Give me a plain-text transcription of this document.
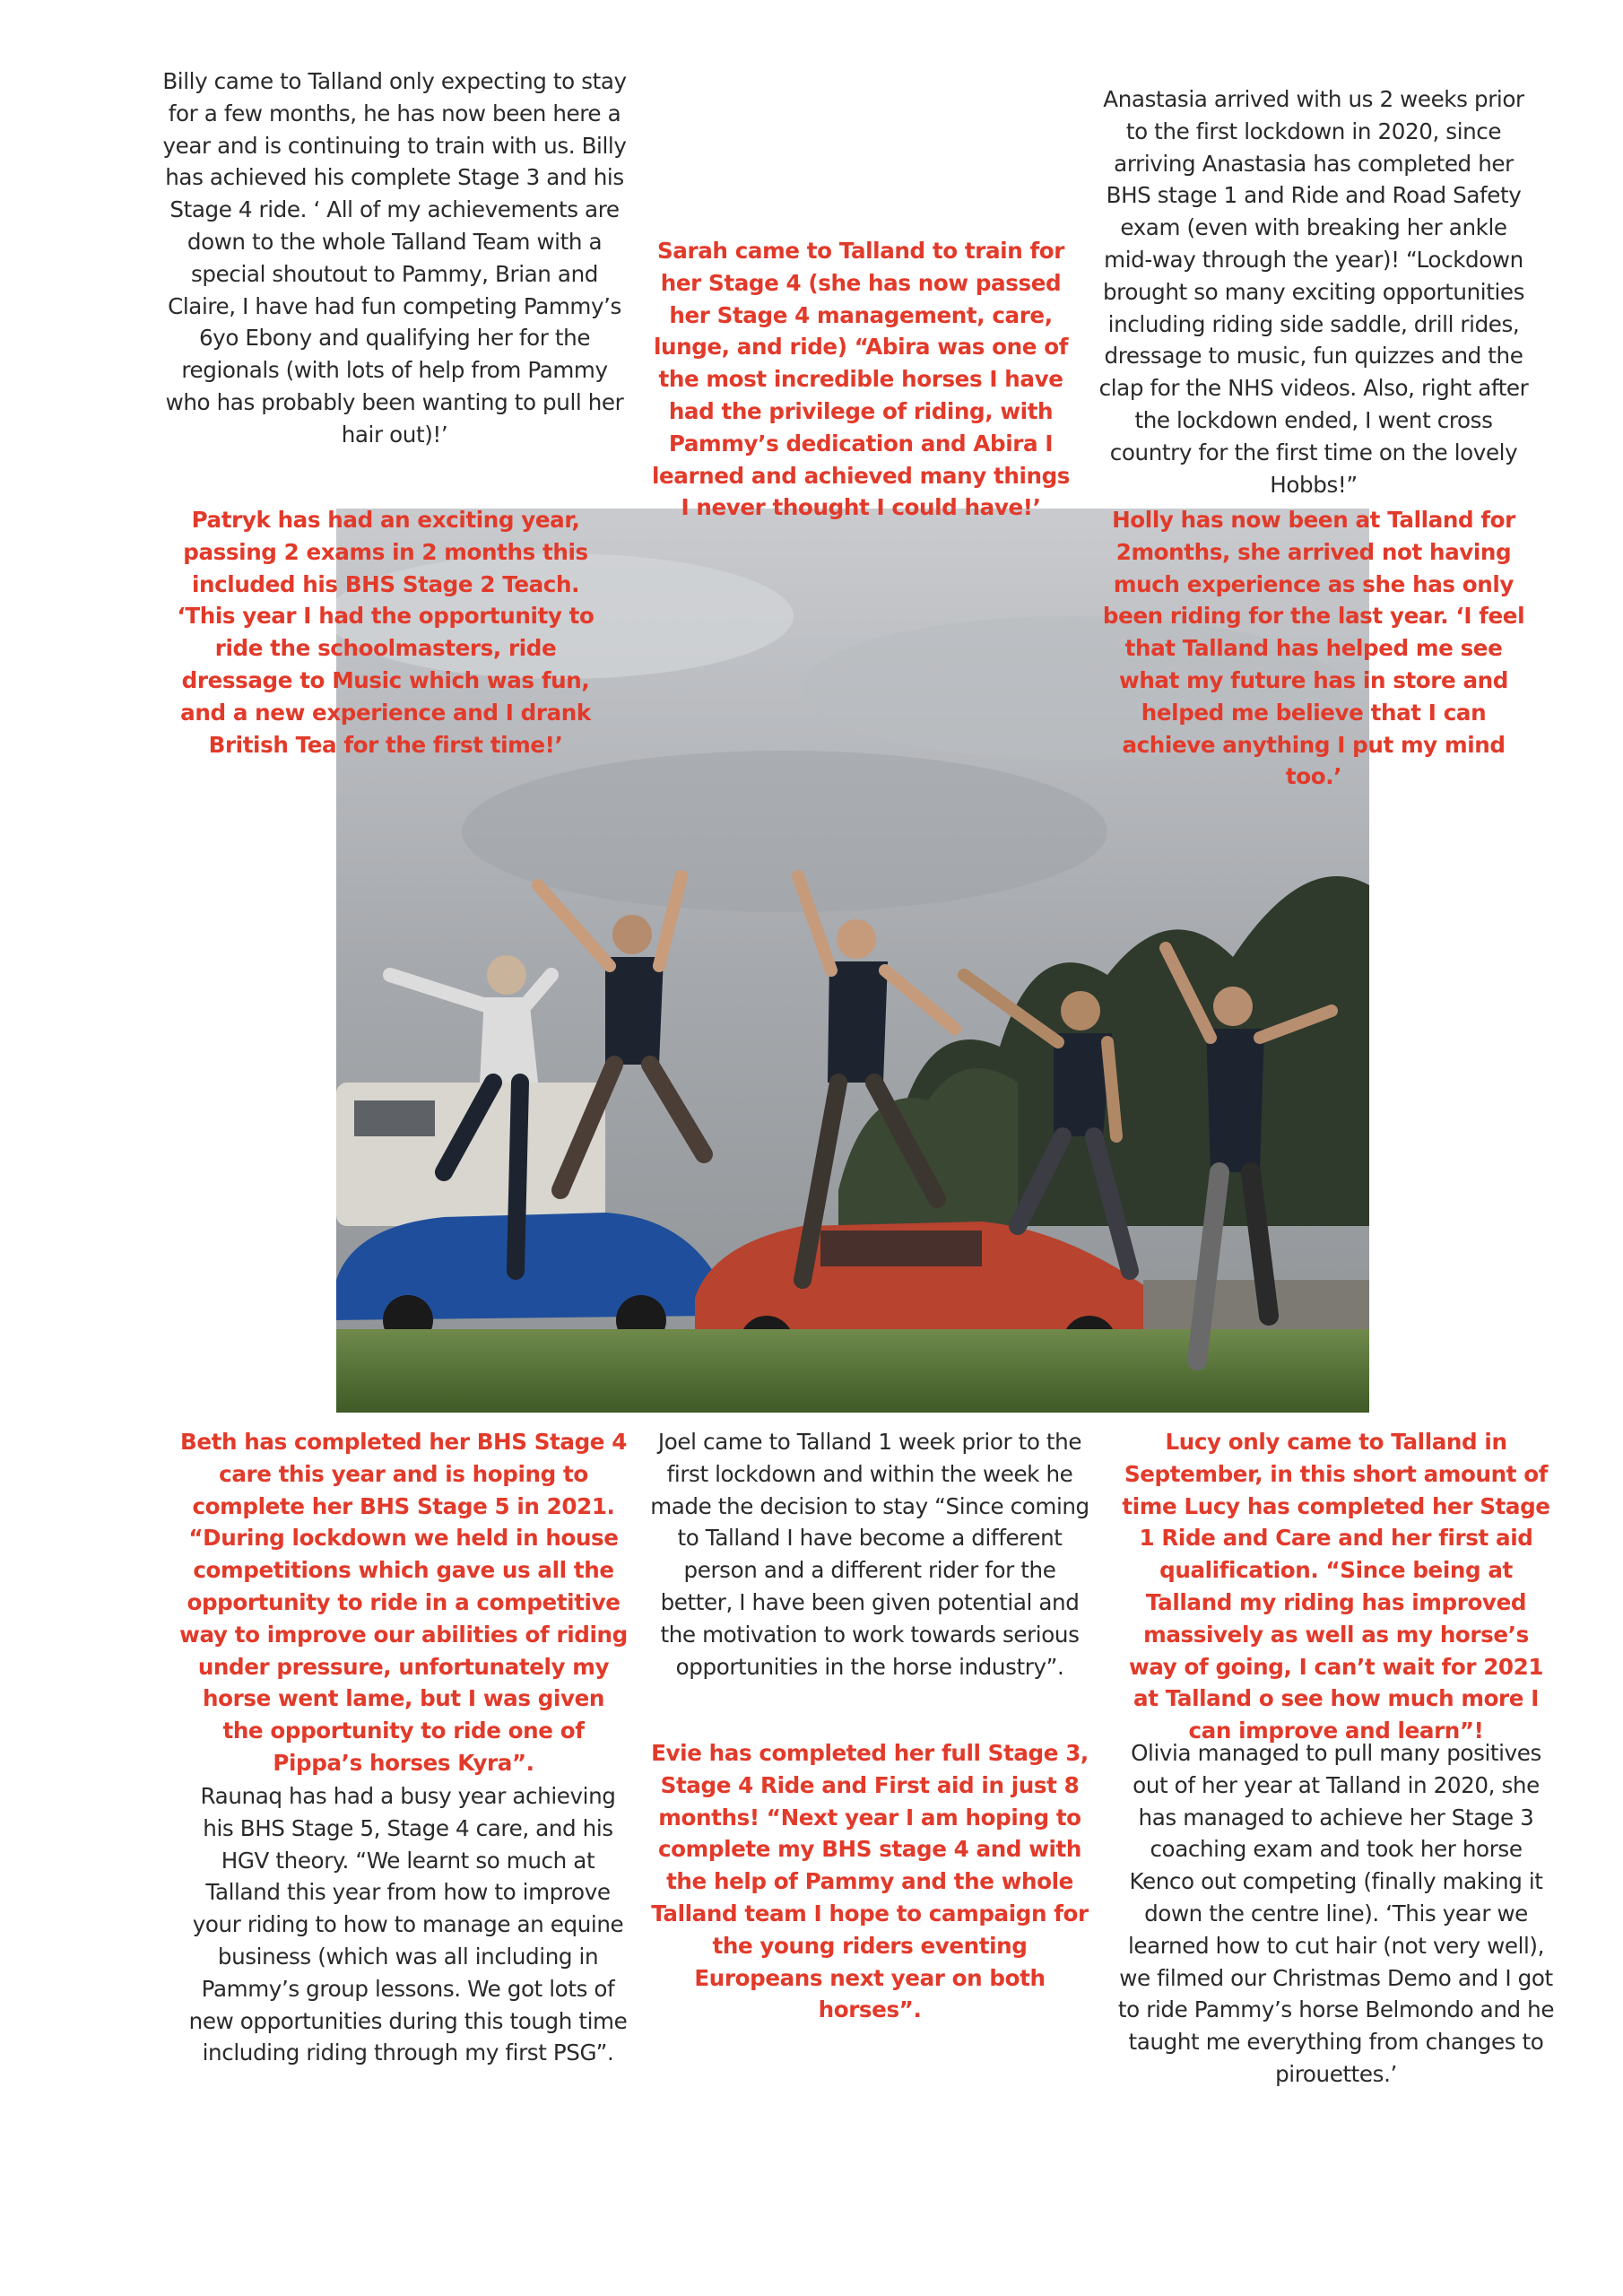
Billy came to Talland only expecting to stay for a few months, he has now been here a year and is continuing to train with us. Billy has achieved his complete Stage 3 and his Stage 4 ride. ‘ All of my achievements are down to the whole Talland Team with a special shoutout to Pammy, Brian and Claire, I have had fun competing Pammy’s 6yo Ebony and qualifying her for the regionals (with lots of help from Pammy who has probably been wanting to pull her hair out)!’

Sarah came to Talland to train for her Stage 4 (she has now passed her Stage 4 management, care, lunge, and ride) “Abira was one of the most incredible horses I have had the privilege of riding, with Pammy’s dedication and Abira I learned and achieved many things I never thought I could have!’

Anastasia arrived with us 2 weeks prior to the first lockdown in 2020, since arriving Anastasia has completed her BHS stage 1 and Ride and Road Safety exam (even with breaking her ankle mid-way through the year)! “Lockdown brought so many exciting opportunities including riding side saddle, drill rides, dressage to music, fun quizzes and the clap for the NHS videos. Also, right after the lockdown ended, I went cross country for the first time on the lovely Hobbs!”

Patryk has had an exciting year, passing 2 exams in 2 months this included his BHS Stage 2 Teach. ‘This year I had the opportunity to ride the schoolmasters, ride dressage to Music which was fun, and a new experience and I drank British Tea for the first time!’

Holly has now been at Talland for 2months, she arrived not having much experience as she has only been riding for the last year. ‘I feel that Talland has helped me see what my future has in store and helped me believe that I can achieve anything I put my mind too.’

Beth has completed her BHS Stage 4 care this year and is hoping to complete her BHS Stage 5 in 2021. “During lockdown we held in house competitions which gave us all the opportunity to ride in a competitive way to improve our abilities of riding under pressure, unfortunately my horse went lame, but I was given the opportunity to ride one of Pippa’s horses Kyra”.

Raunaq has had a busy year achieving his BHS Stage 5, Stage 4 care, and his HGV theory. “We learnt so much at Talland this year from how to improve your riding to how to manage an equine business (which was all including in Pammy’s group lessons. We got lots of new opportunities during this tough time including riding through my first PSG”.

Joel came to Talland 1 week prior to the first lockdown and within the week he made the decision to stay “Since coming to Talland I have become a different person and a different rider for the better, I have been given potential and the motivation to work towards serious opportunities in the horse industry”.

Evie has completed her full Stage 3, Stage 4 Ride and First aid in just 8 months! “Next year I am hoping to complete my BHS stage 4 and with the help of Pammy and the whole Talland team I hope to campaign for the young riders eventing Europeans next year on both horses”.

Lucy only came to Talland in September, in this short amount of time Lucy has completed her Stage 1 Ride and Care and her first aid qualification. “Since being at Talland my riding has improved massively as well as my horse’s way of going, I can’t wait for 2021 at Talland o see how much more I can improve and learn”!

Olivia managed to pull many positives out of her year at Talland in 2020, she has managed to achieve her Stage 3 coaching exam and took her horse Kenco out competing (finally making it down the centre line). ‘This year we learned how to cut hair (not very well), we filmed our Christmas Demo and I got to ride Pammy’s horse Belmondo and he taught me everything from changes to pirouettes.’
